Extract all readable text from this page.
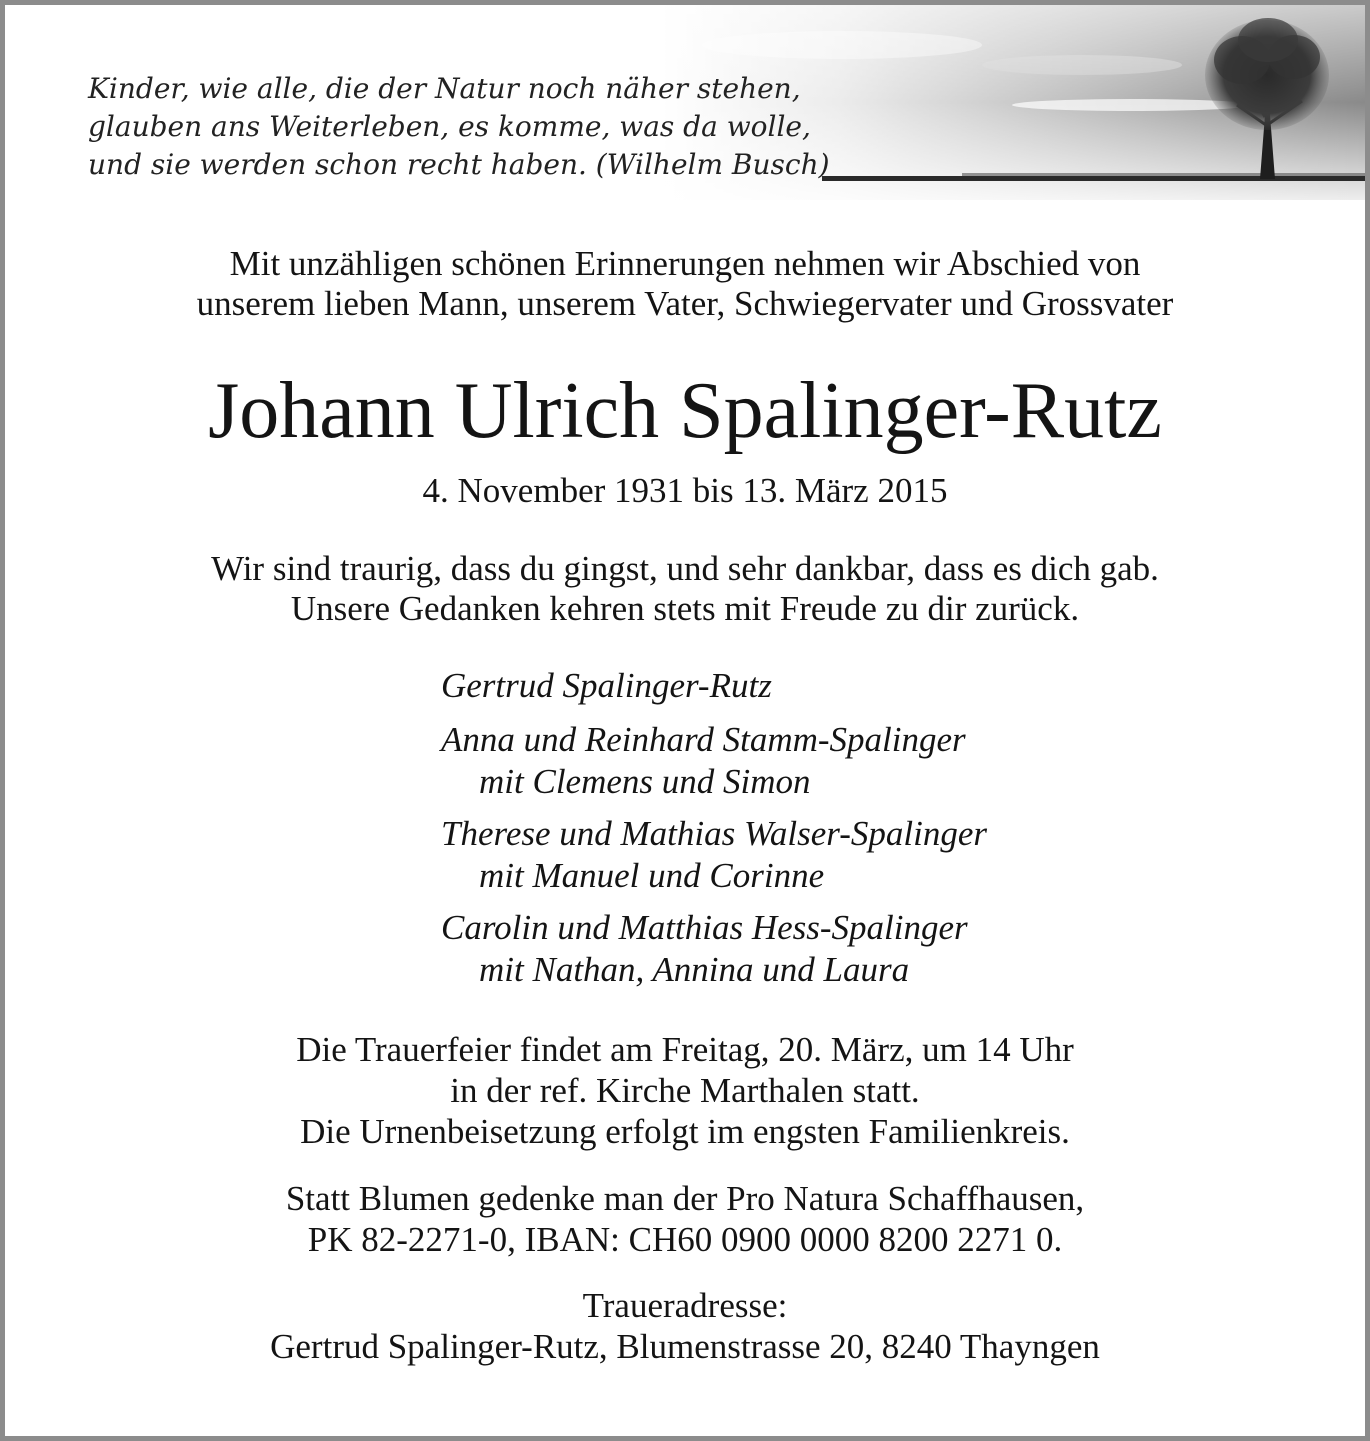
Kinder, wie alle, die der Natur noch näher stehen,
glauben ans Weiterleben, es komme, was da wolle,
und sie werden schon recht haben. (Wilhelm Busch)
Mit unzähligen schönen Erinnerungen nehmen wir Abschied von
unserem lieben Mann, unserem Vater, Schwiegervater und Grossvater
Johann Ulrich Spalinger-Rutz
4. November 1931 bis 13. März 2015
Wir sind traurig, dass du gingst, und sehr dankbar, dass es dich gab.
Unsere Gedanken kehren stets mit Freude zu dir zurück.
Gertrud Spalinger-Rutz
Anna und Reinhard Stamm-Spalinger
mit Clemens und Simon
Therese und Mathias Walser-Spalinger
mit Manuel und Corinne
Carolin und Matthias Hess-Spalinger
mit Nathan, Annina und Laura
Die Trauerfeier findet am Freitag, 20. März, um 14 Uhr
in der ref. Kirche Marthalen statt.
Die Urnenbeisetzung erfolgt im engsten Familienkreis.
Statt Blumen gedenke man der Pro Natura Schaffhausen,
PK 82-2271-0, IBAN: CH60 0900 0000 8200 2271 0.
Traueradresse:
Gertrud Spalinger-Rutz, Blumenstrasse 20, 8240 Thayngen
